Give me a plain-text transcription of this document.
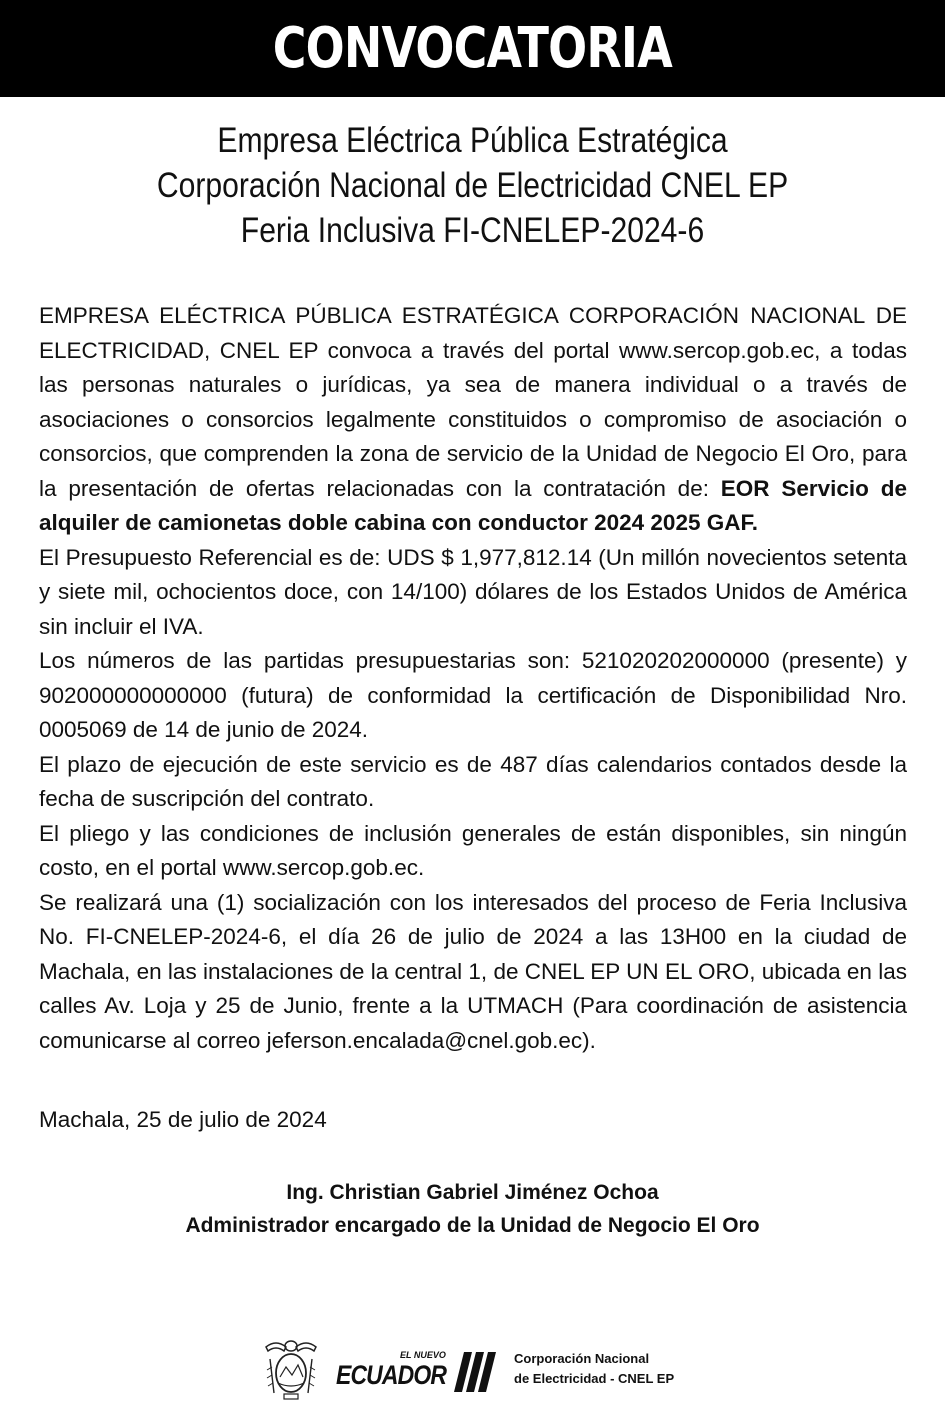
CONVOCATORIA
Empresa Eléctrica Pública Estratégica
Corporación Nacional de Electricidad CNEL EP
Feria Inclusiva FI-CNELEP-2024-6

EMPRESA ELÉCTRICA PÚBLICA ESTRATÉGICA CORPORACIÓN NACIONAL DE ELECTRICIDAD, CNEL EP convoca a través del portal www.sercop.gob.ec, a todas las personas naturales o jurídicas, ya sea de manera individual o a través de asociaciones o consorcios legalmente constituidos o compromiso de asociación o consorcios, que comprenden la zona de servicio de la Unidad de Negocio El Oro, para la presentación de ofertas relacionadas con la contratación de: EOR Servicio de alquiler de camionetas doble cabina con conductor 2024 2025 GAF.

El Presupuesto Referencial es de: UDS $ 1,977,812.14 (Un millón novecientos setenta y siete mil, ochocientos doce, con 14/100) dólares de los Estados Unidos de América sin incluir el IVA.

Los números de las partidas presupuestarias son: 521020202000000 (presente) y 902000000000000 (futura) de conformidad la certificación de Disponibilidad Nro. 0005069 de 14 de junio de 2024.

El plazo de ejecución de este servicio es de 487 días calendarios contados desde la fecha de suscripción del contrato.

El pliego y las condiciones de inclusión generales de están disponibles, sin ningún costo, en el portal www.sercop.gob.ec.

Se realizará una (1) socialización con los interesados del proceso de Feria Inclusiva No. FI-CNELEP-2024-6, el día 26 de julio de 2024 a las 13H00 en la ciudad de Machala, en las instalaciones de la central 1, de CNEL EP UN EL ORO, ubicada en las calles Av. Loja y 25 de Junio, frente a la UTMACH (Para coordinación de asistencia comunicarse al correo jeferson.encalada@cnel.gob.ec).

Machala, 25 de julio de 2024
Ing. Christian Gabriel Jiménez Ochoa
Administrador encargado de la Unidad de Negocio El Oro
EL NUEVO
ECUADOR
Corporación Nacional
de Electricidad - CNEL EP
